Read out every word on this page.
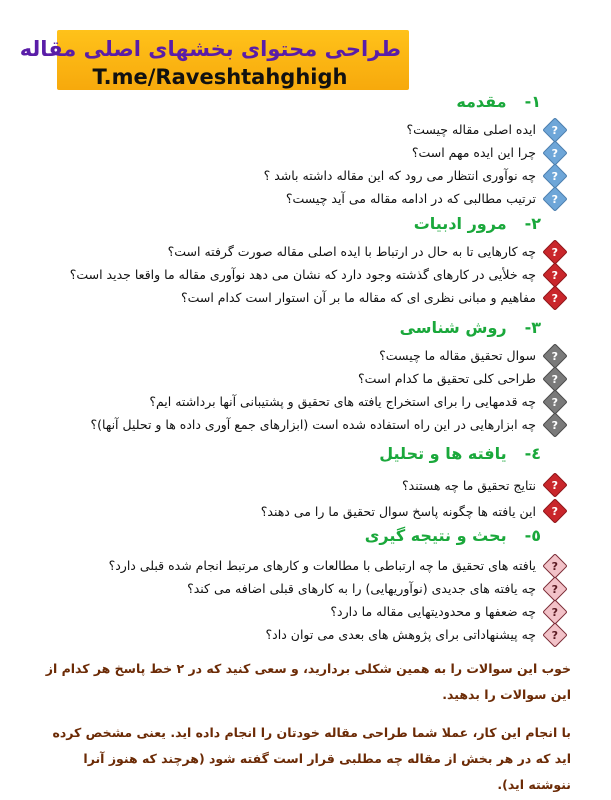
طراحی محتوای بخشهای اصلی مقاله
T.me/Raveshtahghigh
١-
مقدمه
?
ایده اصلی مقاله چیست؟
?
چرا این ایده مهم است؟
?
چه نوآوری انتظار می رود که این مقاله داشته باشد ؟
?
ترتیب مطالبی که در ادامه مقاله می آید چیست؟
٢-
مرور ادبیات
?
چه کارهایی تا به حال در ارتباط با ایده اصلی مقاله صورت گرفته است؟
?
چه خلأیی در کارهای گذشته وجود دارد که نشان می دهد نوآوری مقاله ما واقعا جدید است؟
?
مفاهیم و مبانی نظری ای که مقاله ما بر آن استوار است کدام است؟
٣-
روش شناسی
?
سوال تحقیق مقاله ما چیست؟
?
طراحی کلی تحقیق ما کدام است؟
?
چه قدمهایی را برای استخراج یافته های تحقیق و پشتیبانی آنها برداشته ایم؟
?
چه ابزارهایی در این راه استفاده شده است (ابزارهای جمع آوری داده ها و تحلیل آنها)؟
٤-
یافته ها و تحلیل
?
نتایج تحقیق ما چه هستند؟
?
این یافته ها چگونه پاسخ سوال تحقیق ما را می دهند؟
٥-
بحث و نتیجه گیری
?
یافته های تحقیق ما چه ارتباطی با مطالعات و کارهای مرتبط انجام شده قبلی دارد؟
?
چه یافته های جدیدی (نوآوریهایی) را به کارهای قبلی اضافه می کند؟
?
چه ضعفها و محدودیتهایی مقاله ما دارد؟
?
چه پیشنهاداتی برای پژوهش های بعدی می توان داد؟
خوب این سوالات را به همین شکلی بردارید، و سعی کنید که در ٢ خط پاسخ هر کدام از این سوالات را بدهید.
با انجام این کار، عملا شما طراحی مقاله خودتان را انجام داده اید. یعنی مشخص کرده اید که در هر بخش از مقاله چه مطلبی قرار است گفته شود (هرچند که هنوز آنرا ننوشته اید).
